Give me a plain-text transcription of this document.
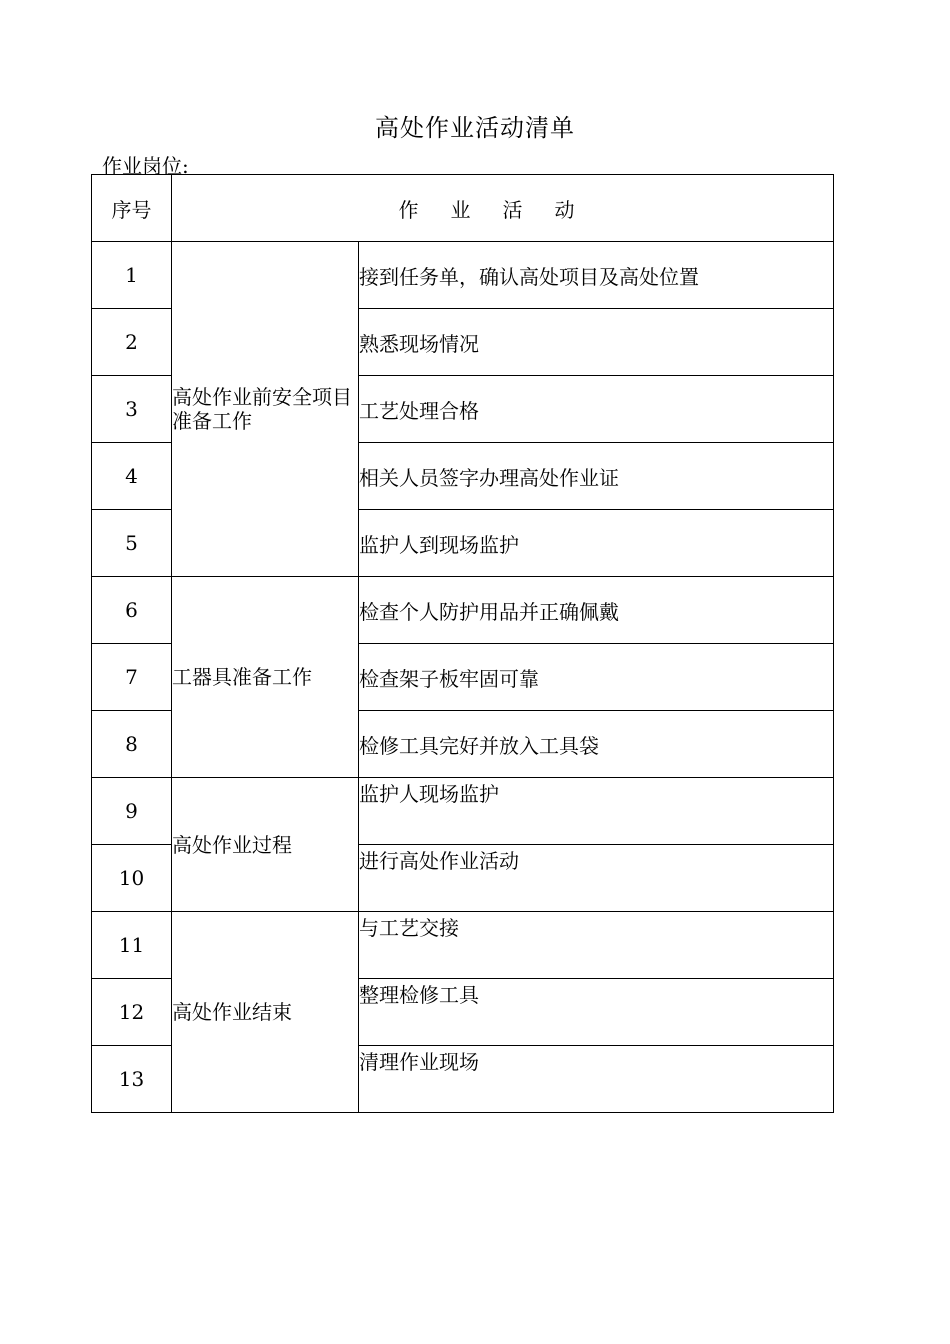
高处作业活动清单
作业岗位:
序号	作业活动	
1	高处作业前安全项目准备工作	接到任务单，确认高处项目及高处位置
2		熟悉现场情况
3		工艺处理合格
4		相关人员签字办理高处作业证
5		监护人到现场监护
6	工器具准备工作	检查个人防护用品并正确佩戴
7		检查架子板牢固可靠
8		检修工具完好并放入工具袋
9	高处作业过程	监护人现场监护
10		进行高处作业活动
11	高处作业结束	与工艺交接
12		整理检修工具
13		清理作业现场
